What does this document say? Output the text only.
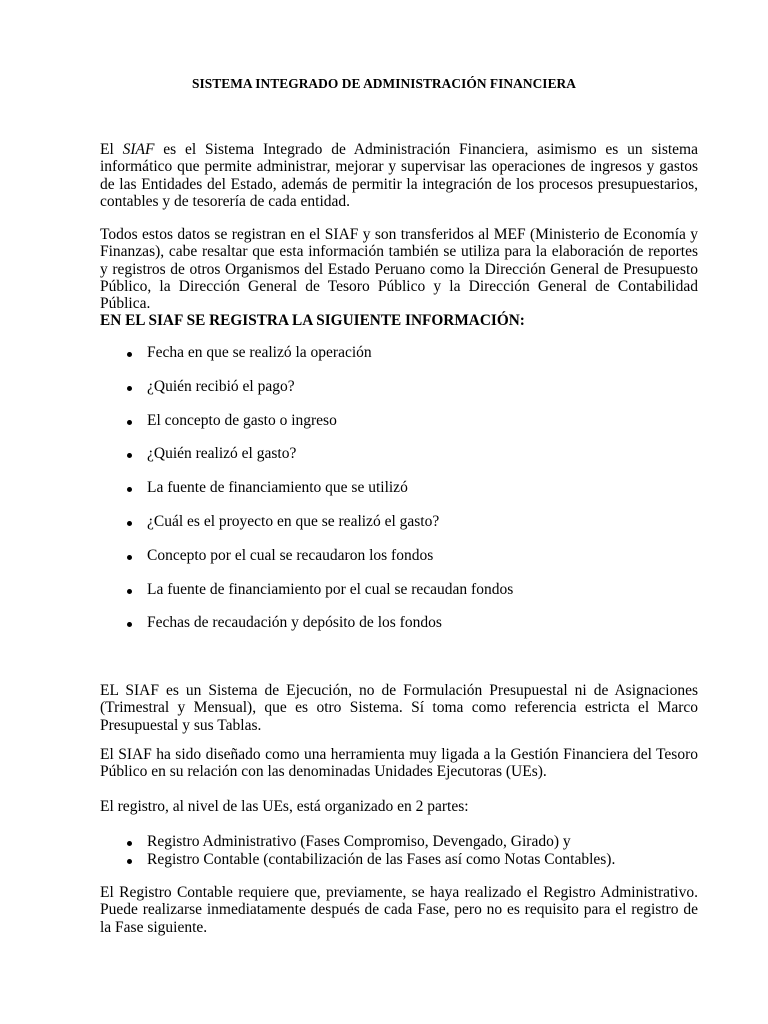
SISTEMA INTEGRADO DE ADMINISTRACIÓN FINANCIERA

El SIAF es el Sistema Integrado de Administración Financiera, asimismo es un sistema informático que permite administrar, mejorar y supervisar las operaciones de ingresos y gastos de las Entidades del Estado, además de permitir la integración de los procesos presupuestarios, contables y de tesorería de cada entidad.

Todos estos datos se registran en el SIAF y son transferidos al MEF (Ministerio de Economía y Finanzas), cabe resaltar que esta información también se utiliza para la elaboración de reportes y registros de otros Organismos del Estado Peruano como la Dirección General de Presupuesto Público, la Dirección General de Tesoro Público y la Dirección General de Contabilidad Pública.

EN EL SIAF SE REGISTRA LA SIGUIENTE INFORMACIÓN:

Fecha en que se realizó la operación
¿Quién recibió el pago?
El concepto de gasto o ingreso
¿Quién realizó el gasto?
La fuente de financiamiento que se utilizó
¿Cuál es el proyecto en que se realizó el gasto?
Concepto por el cual se recaudaron los fondos
La fuente de financiamiento por el cual se recaudan fondos
Fechas de recaudación y depósito de los fondos

EL SIAF es un Sistema de Ejecución, no de Formulación Presupuestal ni de Asignaciones (Trimestral y Mensual), que es otro Sistema. Sí toma como referencia estricta el Marco Presupuestal y sus Tablas.

El SIAF ha sido diseñado como una herramienta muy ligada a la Gestión Financiera del Tesoro Público en su relación con las denominadas Unidades Ejecutoras (UEs).

El registro, al nivel de las UEs, está organizado en 2 partes:

Registro Administrativo (Fases Compromiso, Devengado, Girado) y
Registro Contable (contabilización de las Fases así como Notas Contables).

El Registro Contable requiere que, previamente, se haya realizado el Registro Administrativo. Puede realizarse inmediatamente después de cada Fase, pero no es requisito para el registro de la Fase siguiente.
